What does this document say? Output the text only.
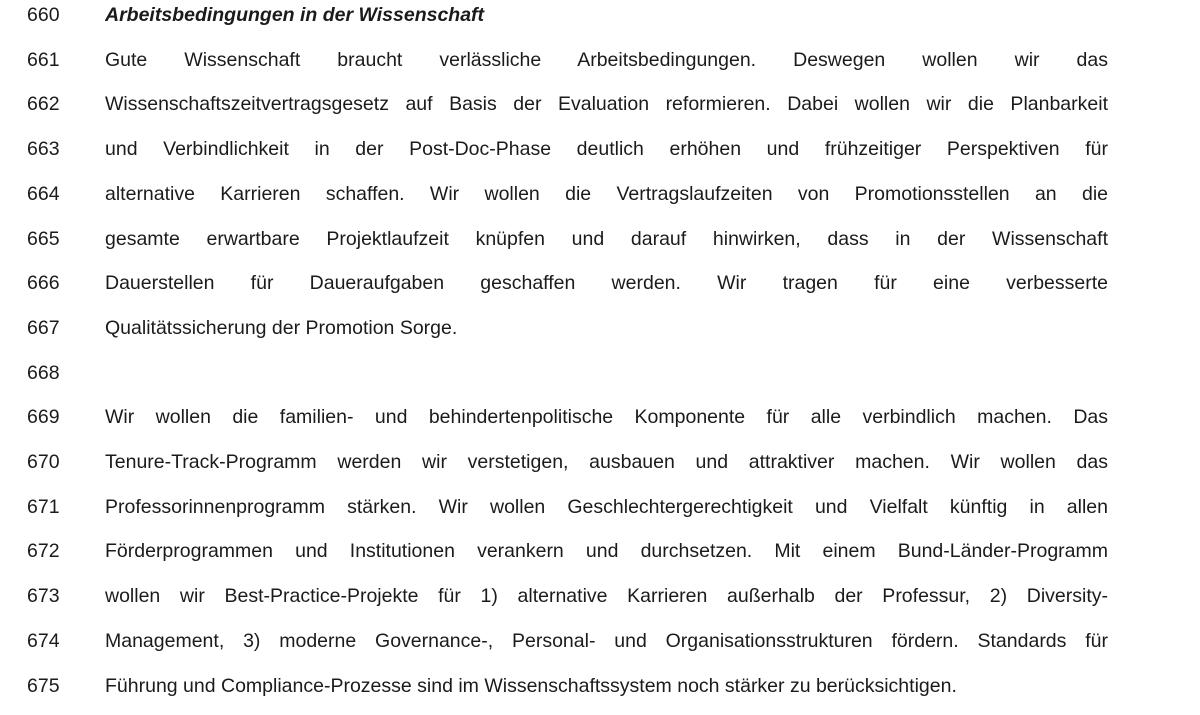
660	Arbeitsbedingungen in der Wissenschaft
661	Gute Wissenschaft braucht verlässliche Arbeitsbedingungen. Deswegen wollen wir das
662	Wissenschaftszeitvertragsgesetz auf Basis der Evaluation reformieren. Dabei wollen wir die Planbarkeit
663	und Verbindlichkeit in der Post-Doc-Phase deutlich erhöhen und frühzeitiger Perspektiven für
664	alternative Karrieren schaffen. Wir wollen die Vertragslaufzeiten von Promotionsstellen an die
665	gesamte erwartbare Projektlaufzeit knüpfen und darauf hinwirken, dass in der Wissenschaft
666	Dauerstellen für Daueraufgaben geschaffen werden. Wir tragen für eine verbesserte
667	Qualitätssicherung der Promotion Sorge.
668
669	Wir wollen die familien- und behindertenpolitische Komponente für alle verbindlich machen. Das
670	Tenure-Track-Programm werden wir verstetigen, ausbauen und attraktiver machen. Wir wollen das
671	Professorinnenprogramm stärken. Wir wollen Geschlechtergerechtigkeit und Vielfalt künftig in allen
672	Förderprogrammen und Institutionen verankern und durchsetzen. Mit einem Bund-Länder-Programm
673	wollen wir Best-Practice-Projekte für 1) alternative Karrieren außerhalb der Professur, 2) Diversity-
674	Management, 3) moderne Governance-, Personal- und Organisationsstrukturen fördern. Standards für
675	Führung und Compliance-Prozesse sind im Wissenschaftssystem noch stärker zu berücksichtigen.
